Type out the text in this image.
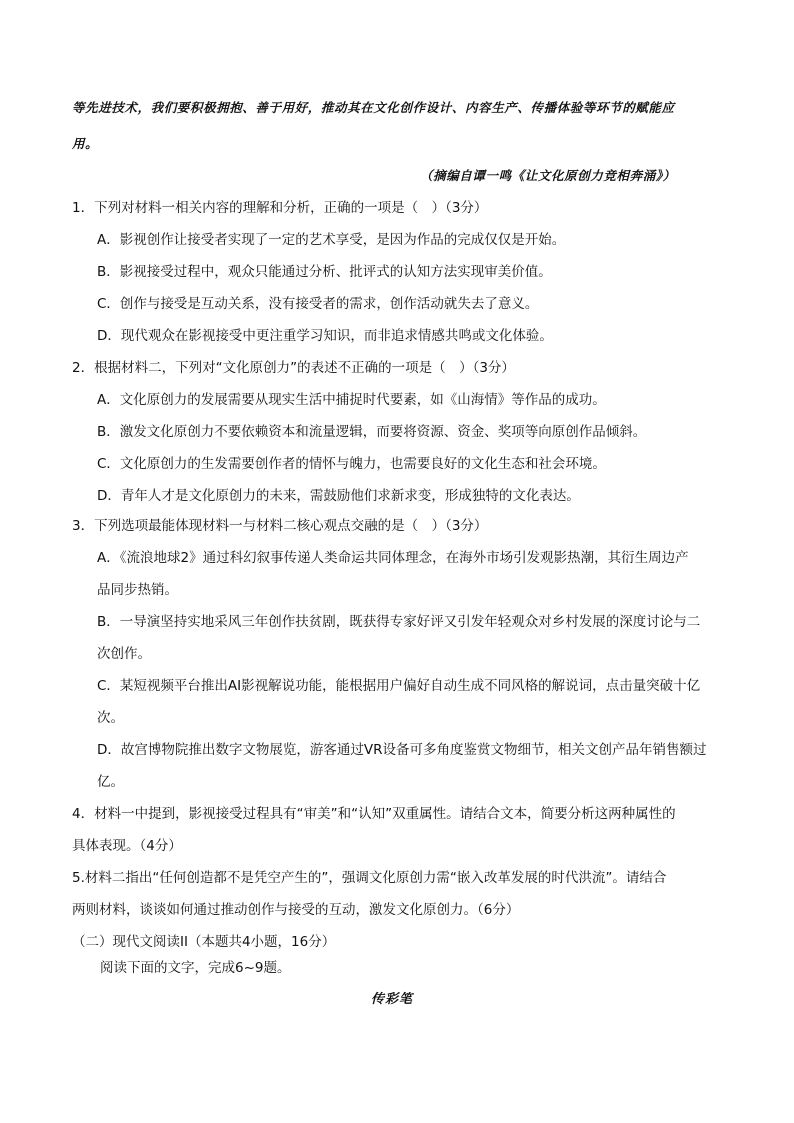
等先进技术，我们要积极拥抱、善于用好，推动其在文化创作设计、内容生产、传播体验等环节的赋能应
用。
（摘编自谭一鸣《让文化原创力竞相奔涌》）
1．下列对材料一相关内容的理解和分析，正确的一项是（　）（3分）
A．影视创作让接受者实现了一定的艺术享受，是因为作品的完成仅仅是开始。
B．影视接受过程中，观众只能通过分析、批评式的认知方法实现审美价值。
C．创作与接受是互动关系，没有接受者的需求，创作活动就失去了意义。
D．现代观众在影视接受中更注重学习知识，而非追求情感共鸣或文化体验。
2．根据材料二，下列对“文化原创力”的表述不正确的一项是（　）（3分）
A．文化原创力的发展需要从现实生活中捕捉时代要素，如《山海情》等作品的成功。
B．激发文化原创力不要依赖资本和流量逻辑，而要将资源、资金、奖项等向原创作品倾斜。
C．文化原创力的生发需要创作者的情怀与魄力，也需要良好的文化生态和社会环境。
D．青年人才是文化原创力的未来，需鼓励他们求新求变，形成独特的文化表达。
3．下列选项最能体现材料一与材料二核心观点交融的是（　）（3分）
A．《流浪地球2》通过科幻叙事传递人类命运共同体理念，在海外市场引发观影热潮，其衍生周边产
品同步热销。
B．一导演坚持实地采风三年创作扶贫剧，既获得专家好评又引发年轻观众对乡村发展的深度讨论与二
次创作。
C．某短视频平台推出AI影视解说功能，能根据用户偏好自动生成不同风格的解说词，点击量突破十亿
次。
D．故宫博物院推出数字文物展览，游客通过VR设备可多角度鉴赏文物细节，相关文创产品年销售额过
亿。
4．材料一中提到，影视接受过程具有“审美”和“认知”双重属性。请结合文本，简要分析这两种属性的
具体表现。（4分）
5.材料二指出“任何创造都不是凭空产生的”，强调文化原创力需“嵌入改革发展的时代洪流”。请结合
两则材料，谈谈如何通过推动创作与接受的互动，激发文化原创力。（6分）
（二）现代文阅读II（本题共4小题，16分）
阅读下面的文字，完成6~9题。
传彩笔
